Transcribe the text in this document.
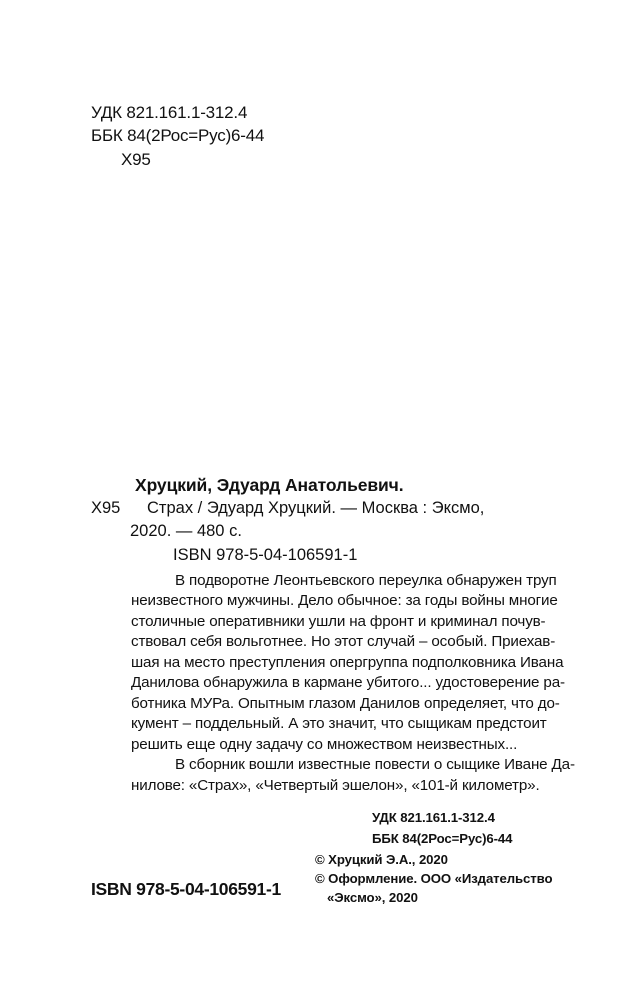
УДК 821.161.1-312.4
ББК 84(2Рос=Рус)6-44
Х95
Хруцкий, Эдуард Анатольевич.
Х95 Страх / Эдуард Хруцкий. — Москва : Эксмо,
2020. — 480 с.
ISBN 978-5-04-106591-1
В подворотне Леонтьевского переулка обнаружен труп
неизвестного мужчины. Дело обычное: за годы войны многие
столичные оперативники ушли на фронт и криминал почув-
ствовал себя вольготнее. Но этот случай – особый. Приехав-
шая на место преступления опергруппа подполковника Ивана
Данилова обнаружила в кармане убитого... удостоверение ра-
ботника МУРа. Опытным глазом Данилов определяет, что до-
кумент – поддельный. А это значит, что сыщикам предстоит
решить еще одну задачу со множеством неизвестных...
В сборник вошли известные повести о сыщике Иване Да-
нилове: «Страх», «Четвертый эшелон», «101-й километр».
УДК 821.161.1-312.4
ББК 84(2Рос=Рус)6-44
© Хруцкий Э.А., 2020
© Оформление. ООО «Издательство
«Эксмо», 2020
ISBN 978-5-04-106591-1
